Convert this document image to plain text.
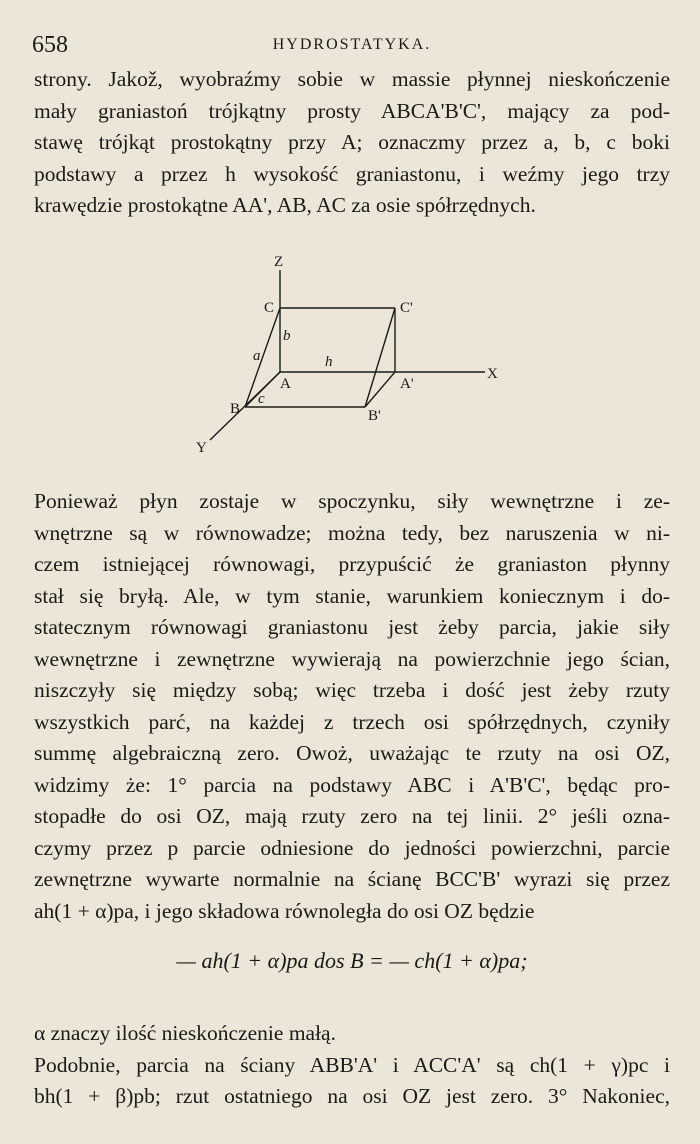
658	HYDROSTATYKA.
strony. Jakož, wyobraźmy sobie w massie płynnej nieskończenie
mały graniastoń trójkątny prosty ABCA'B'C', mający za pod-
stawę trójkąt prostokątny przy A; oznaczmy przez a, b, c boki
podstawy a przez h wysokość graniastonu, i weźmy jego trzy
krawędzie prostokątne AA', AB, AC za osie spółrzędnych.
Z
C	C'
b
a	h
A	A'
X
B
c
B'
Y
Ponieważ płyn zostaje w spoczynku, siły wewnętrzne i ze-
wnętrzne są w równowadze; można tedy, bez naruszenia w ni-
czem istniejącej równowagi, przypuścić że graniaston płynny
stał się bryłą. Ale, w tym stanie, warunkiem koniecznym i do-
statecznym równowagi graniastonu jest żeby parcia, jakie siły
wewnętrzne i zewnętrzne wywierają na powierzchnie jego ścian,
niszczyły się między sobą; więc trzeba i dość jest żeby rzuty
wszystkich parć, na każdej z trzech osi spółrzędnych, czyniły
summę algebraiczną zero. Owoż, uważając te rzuty na osi OZ,
widzimy że: 1° parcia na podstawy ABC i A'B'C', będąc pro-
stopadłe do osi OZ, mają rzuty zero na tej linii. 2° jeśli ozna-
czymy przez p parcie odniesione do jedności powierzchni, parcie
zewnętrzne wywarte normalnie na ścianę BCC'B' wyrazi się przez
ah(1 + α)pa, i jego składowa równoległa do osi OZ będzie
— ah(1 + α)pa dos B = — ch(1 + α)pa;
α znaczy ilość nieskończenie małą.
Podobnie, parcia na ściany ABB'A' i ACC'A' są ch(1 + γ)pc i
bh(1 + β)pb; rzut ostatniego na osi OZ jest zero. 3° Nakoniec,
